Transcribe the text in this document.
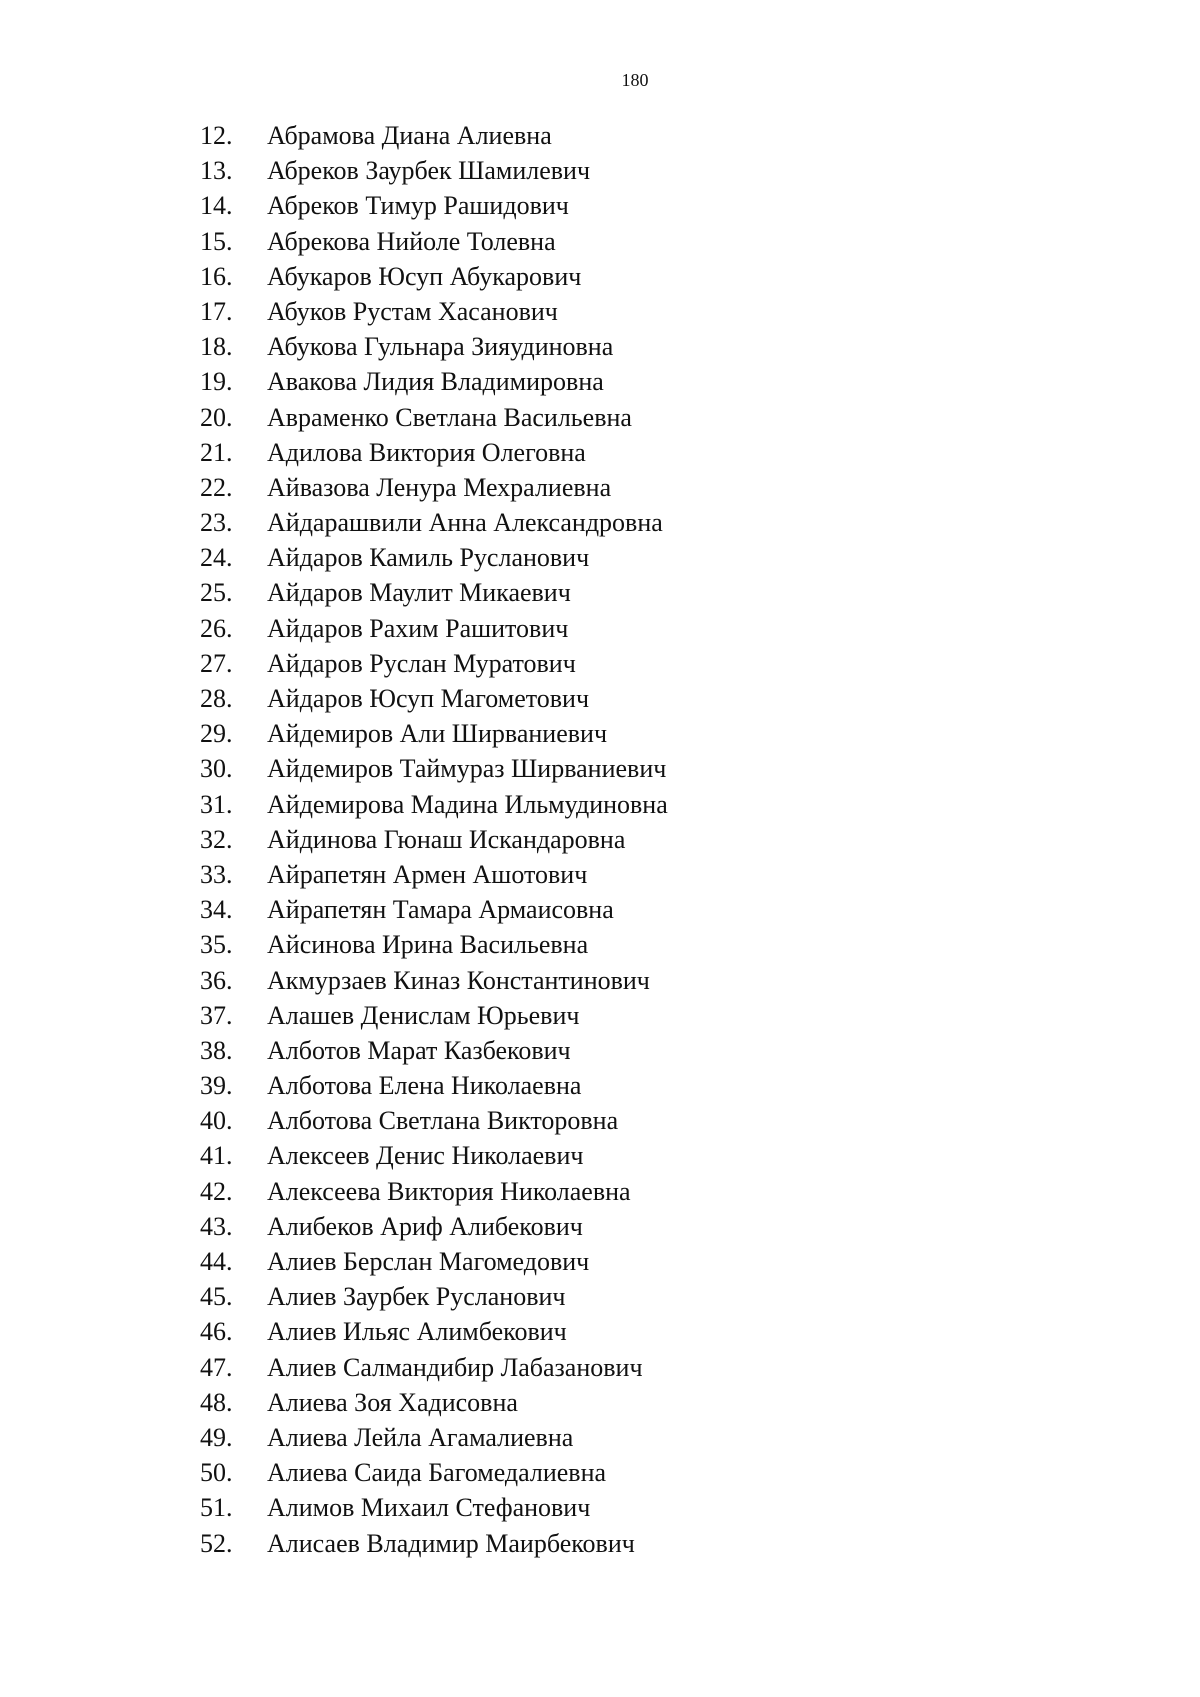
180
12.	Абрамова Диана Алиевна
13.	Абреков Заурбек Шамилевич
14.	Абреков Тимур Рашидович
15.	Абрекова Нийоле Толевна
16.	Абукаров Юсуп Абукарович
17.	Абуков Рустам Хасанович
18.	Абукова Гульнара Зияудиновна
19.	Авакова Лидия Владимировна
20.	Авраменко Светлана Васильевна
21.	Адилова Виктория Олеговна
22.	Айвазова Ленура Мехралиевна
23.	Айдарашвили Анна Александровна
24.	Айдаров Камиль Русланович
25.	Айдаров Маулит Микаевич
26.	Айдаров Рахим Рашитович
27.	Айдаров Руслан Муратович
28.	Айдаров Юсуп Магометович
29.	Айдемиров Али Ширваниевич
30.	Айдемиров Таймураз Ширваниевич
31.	Айдемирова Мадина Ильмудиновна
32.	Айдинова Гюнаш Искандаровна
33.	Айрапетян Армен Ашотович
34.	Айрапетян Тамара Армаисовна
35.	Айсинова Ирина Васильевна
36.	Акмурзаев Киназ Константинович
37.	Алашев Денислам Юрьевич
38.	Алботов Марат Казбекович
39.	Алботова Елена Николаевна
40.	Алботова Светлана Викторовна
41.	Алексеев Денис Николаевич
42.	Алексеева Виктория Николаевна
43.	Алибеков Ариф Алибекович
44.	Алиев Берслан Магомедович
45.	Алиев Заурбек Русланович
46.	Алиев Ильяс Алимбекович
47.	Алиев Салмандибир Лабазанович
48.	Алиева Зоя Хадисовна
49.	Алиева Лейла Агамалиевна
50.	Алиева Саида Багомедалиевна
51.	Алимов Михаил Стефанович
52.	Алисаев Владимир Маирбекович
